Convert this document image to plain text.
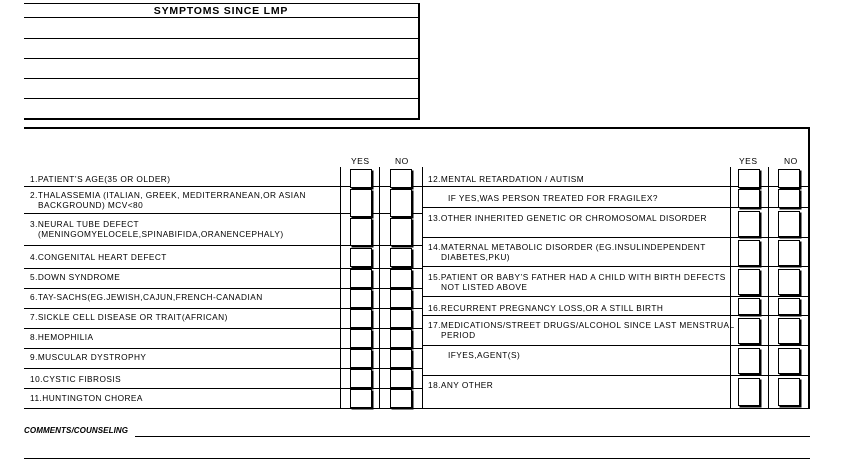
SYMPTOMS SINCE LMP
YES	NO	YES	NO
1.PATIENT’S AGE(35 OR OLDER)
2.THALASSEMIA (ITALIAN, GREEK, MEDITERRANEAN,OR ASIAN
BACKGROUND) MCV<80
3.NEURAL TUBE DEFECT
(MENINGOMYELOCELE,SPINABIFIDA,ORANENCEPHALY)
4.CONGENITAL HEART DEFECT
5.DOWN SYNDROME
6.TAY-SACHS(EG.JEWISH,CAJUN,FRENCH-CANADIAN
7.SICKLE CELL DISEASE OR TRAIT(AFRICAN)
8.HEMOPHILIA
9.MUSCULAR DYSTROPHY
10.CYSTIC FIBROSIS
11.HUNTINGTON CHOREA
12.MENTAL RETARDATION / AUTISM
IF YES,WAS PERSON TREATED FOR FRAGILEX?
13.OTHER INHERITED GENETIC OR CHROMOSOMAL DISORDER
14.MATERNAL METABOLIC DISORDER (EG.INSULINDEPENDENT
DIABETES,PKU)
15.PATIENT OR BABY’S FATHER HAD A CHILD WITH BIRTH DEFECTS
NOT LISTED ABOVE
16.RECURRENT PREGNANCY LOSS,OR A STILL BIRTH
17.MEDICATIONS/STREET DRUGS/ALCOHOL SINCE LAST MENSTRUAL
PERIOD
IFYES,AGENT(S)
18.ANY OTHER
COMMENTS/COUNSELING
